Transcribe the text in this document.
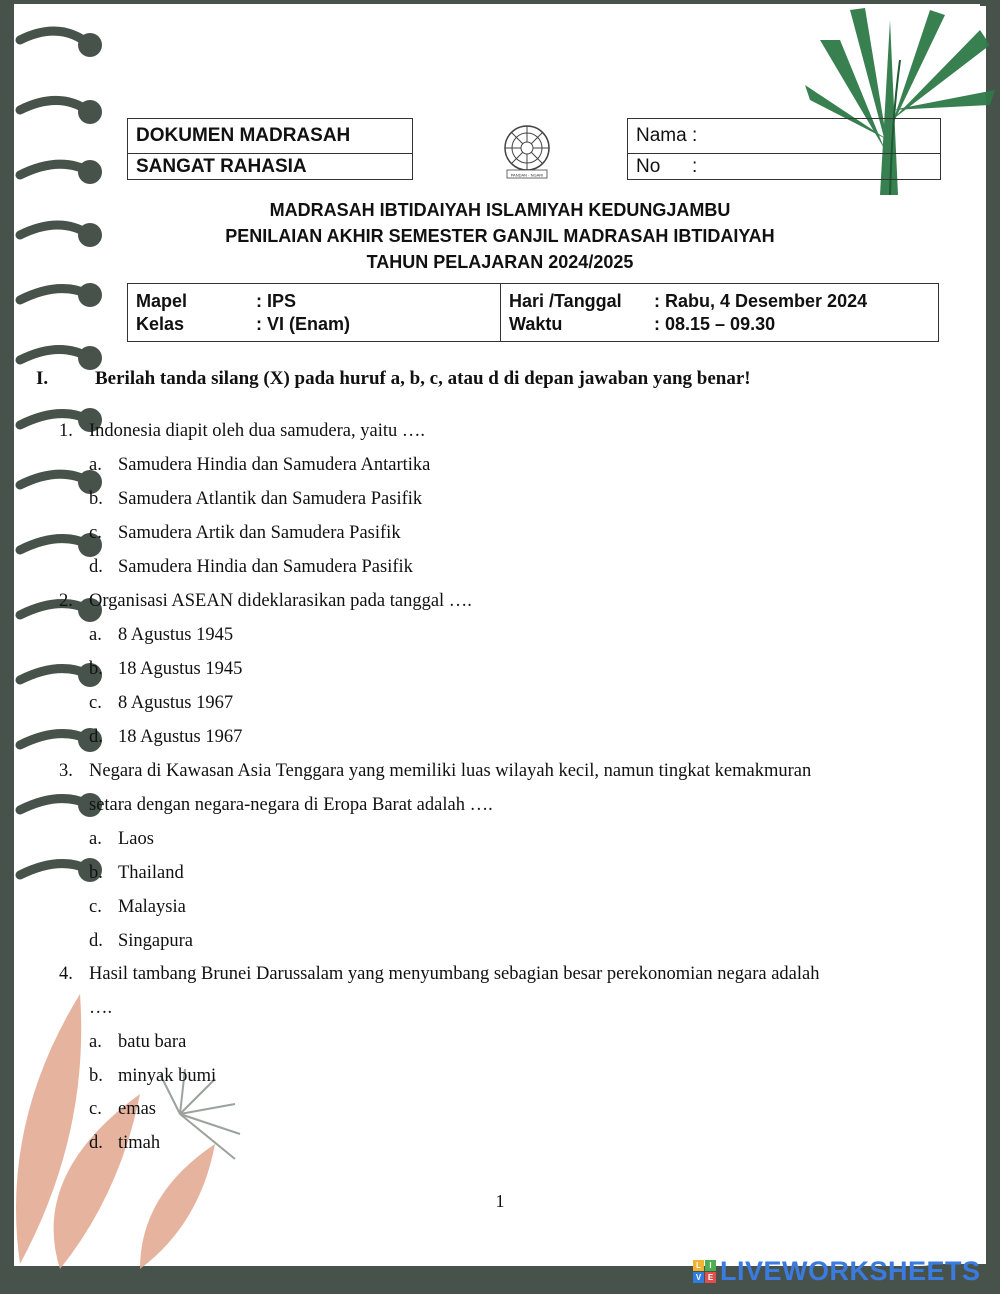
DOKUMEN MADRASAH
SANGAT RAHASIA	PANDAN · NGARI
Nama :
No      :
MADRASAH IBTIDAIYAH ISLAMIYAH KEDUNGJAMBU
PENILAIAN AKHIR SEMESTER GANJIL MADRASAH IBTIDAIYAH
TAHUN PELAJARAN 2024/2025
Mapel	: IPS
Kelas	: VI (Enam)
Hari /Tanggal : Rabu, 4 Desember 2024
Waktu	: 08.15 – 09.30
I. Berilah tanda silang (X) pada huruf a, b, c, atau d di depan jawaban yang benar!
1. Indonesia diapit oleh dua samudera, yaitu ….
a. Samudera Hindia dan Samudera Antartika
b. Samudera Atlantik dan Samudera Pasifik
c. Samudera Artik dan Samudera Pasifik
d. Samudera Hindia dan Samudera Pasifik
2. Organisasi ASEAN dideklarasikan pada tanggal ….
a. 8 Agustus 1945
b. 18 Agustus 1945
c. 8 Agustus 1967
d. 18 Agustus 1967
3. Negara di Kawasan Asia Tenggara yang memiliki luas wilayah kecil, namun tingkat kemakmuran
setara dengan negara-negara di Eropa Barat adalah ….
a. Laos
b. Thailand
c. Malaysia
d. Singapura
4. Hasil tambang Brunei Darussalam yang menyumbang sebagian besar perekonomian negara adalah
….
a. batu bara
b. minyak bumi
c. emas
d. timah
1
L	I
V E LIVEWORKSHEETS
